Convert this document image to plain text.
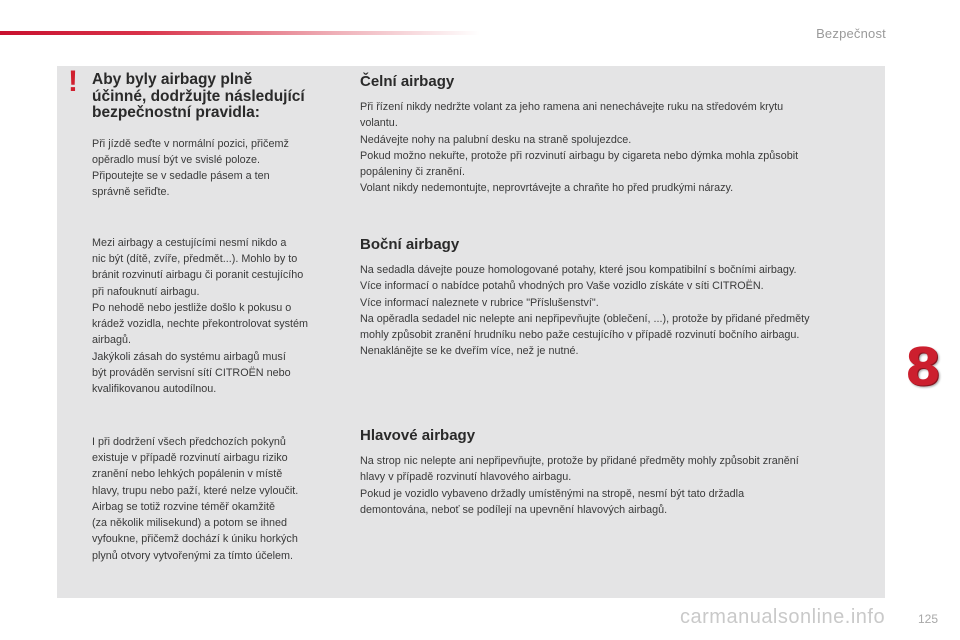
Bezpečnost
! Aby byly airbagy plně
účinné, dodržujte následující
bezpečnostní pravidla:
Při jízdě seďte v normální pozici, přičemž
opěradlo musí být ve svislé poloze.
Připoutejte se v sedadle pásem a ten
správně seřiďte.
Mezi airbagy a cestujícími nesmí nikdo a
nic být (dítě, zvíře, předmět...). Mohlo by to
bránit rozvinutí airbagu či poranit cestujícího
při nafouknutí airbagu.
Po nehodě nebo jestliže došlo k pokusu o
krádež vozidla, nechte překontrolovat systém
airbagů.
Jakýkoli zásah do systému airbagů musí
být prováděn servisní sítí CITROËN nebo
kvalifikovanou autodílnou.
I při dodržení všech předchozích pokynů
existuje v případě rozvinutí airbagu riziko
zranění nebo lehkých popálenin v místě
hlavy, trupu nebo paží, které nelze vyloučit.
Airbag se totiž rozvine téměř okamžitě
(za několik milisekund) a potom se ihned
vyfoukne, přičemž dochází k úniku horkých
plynů otvory vytvořenými za tímto účelem.
Čelní airbagy
Při řízení nikdy nedržte volant za jeho ramena ani nenechávejte ruku na středovém krytu
volantu.
Nedávejte nohy na palubní desku na straně spolujezdce.
Pokud možno nekuřte, protože při rozvinutí airbagu by cigareta nebo dýmka mohla způsobit
popáleniny či zranění.
Volant nikdy nedemontujte, neprovrtávejte a chraňte ho před prudkými nárazy.
Boční airbagy
Na sedadla dávejte pouze homologované potahy, které jsou kompatibilní s bočními airbagy.
Více informací o nabídce potahů vhodných pro Vaše vozidlo získáte v síti CITROËN.
Více informací naleznete v rubrice "Příslušenství".
Na opěradla sedadel nic nelepte ani nepřipevňujte (oblečení, ...), protože by přidané předměty
mohly způsobit zranění hrudníku nebo paže cestujícího v případě rozvinutí bočního airbagu.
Nenaklánějte se ke dveřím více, než je nutné.
Hlavové airbagy
Na strop nic nelepte ani nepřipevňujte, protože by přidané předměty mohly způsobit zranění
hlavy v případě rozvinutí hlavového airbagu.
Pokud je vozidlo vybaveno držadly umístěnými na stropě, nesmí být tato držadla
demontována, neboť se podílejí na upevnění hlavových airbagů.
8
carmanualsonline.info	125
